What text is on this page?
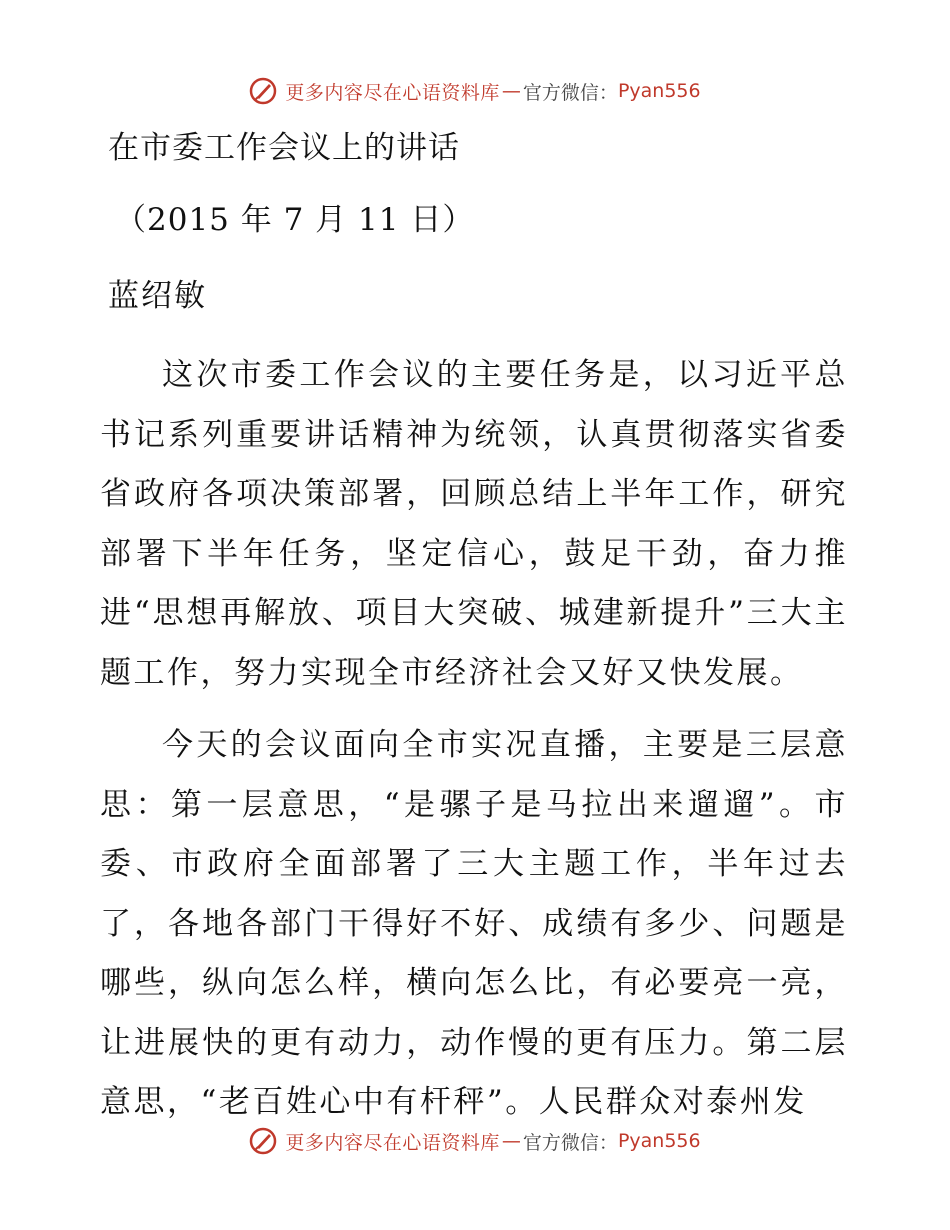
更多内容尽在心语资料库 — 官方微信： Pyan556
在市委工作会议上的讲话
（2015 年 7 月 11 日）
蓝绍敏

这次市委工作会议的主要任务是，以习近平总书记系列重要讲话精神为统领，认真贯彻落实省委省政府各项决策部署，回顾总结上半年工作，研究部署下半年任务，坚定信心，鼓足干劲，奋力推进“思想再解放、项目大突破、城建新提升”三大主题工作，努力实现全市经济社会又好又快发展。

今天的会议面向全市实况直播，主要是三层意思：第一层意思，“是骡子是马拉出来遛遛”。市委、市政府全面部署了三大主题工作，半年过去了，各地各部门干得好不好、成绩有多少、问题是哪些，纵向怎么样，横向怎么比，有必要亮一亮，让进展快的更有动力，动作慢的更有压力。第二层意思，“老百姓心中有杆秤”。人民群众对泰州发

更多内容尽在心语资料库 — 官方微信： Pyan556
